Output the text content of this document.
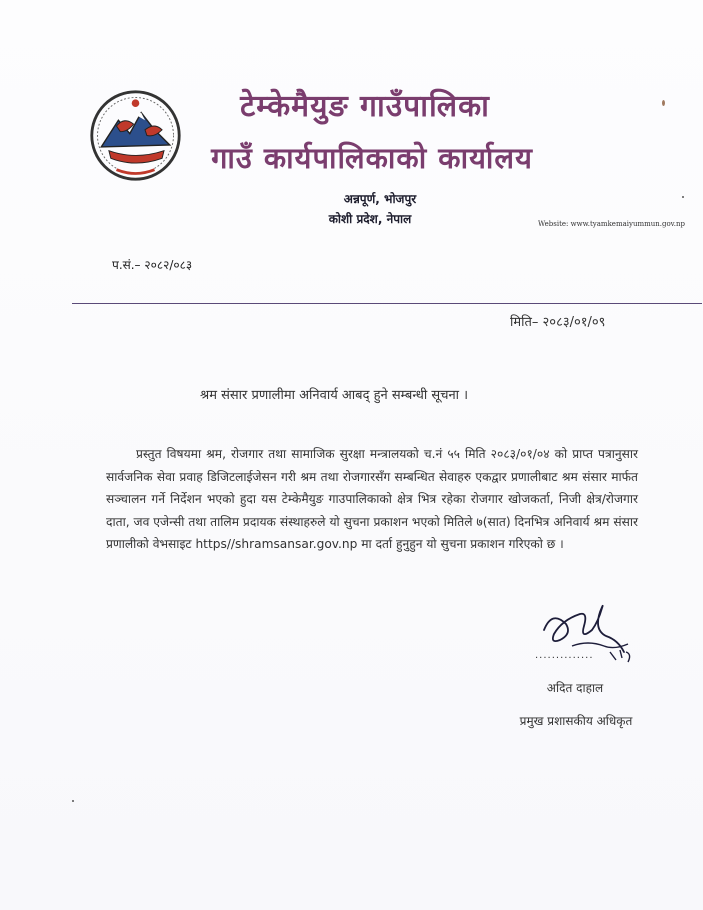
टेम्केमैयुङ गाउँपालिका
गाउँ कार्यपालिकाको कार्यालय
अन्नपूर्ण, भोजपुर
कोशी प्रदेश, नेपाल	Website: www.tyamkemaiyummun.gov.np
प.सं.– २०८२/०८३
मिति– २०८३/०१/०९
श्रम संसार प्रणालीमा अनिवार्य आबद् हुने सम्बन्धी सूचना ।
प्रस्तुत विषयमा श्रम, रोजगार तथा सामाजिक सुरक्षा मन्त्रालयको च.नं ५५ मिति २०८३/०१/०४ को प्राप्त पत्रानुसार सार्वजनिक सेवा प्रवाह डिजिटलाईजेसन गरी श्रम तथा रोजगारसँग सम्बन्धित सेवाहरु एकद्वार प्रणालीबाट श्रम संसार मार्फत सञ्चालन गर्ने निर्देशन भएको हुदा यस टेम्केमैयुङ गाउपालिकाको क्षेत्र भित्र रहेका रोजगार खोजकर्ता, निजी क्षेत्र/रोजगार दाता, जव एजेन्सी तथा तालिम प्रदायक संस्थाहरुले यो सुचना प्रकाशन भएको मितिले ७(सात) दिनभित्र अनिवार्य श्रम संसार प्रणालीको वेभसाइट https//shramsansar.gov.np मा दर्ता हुनुहुन यो सुचना प्रकाशन गरिएको छ ।
..............
अदित दाहाल
प्रमुख प्रशासकीय अधिकृत
